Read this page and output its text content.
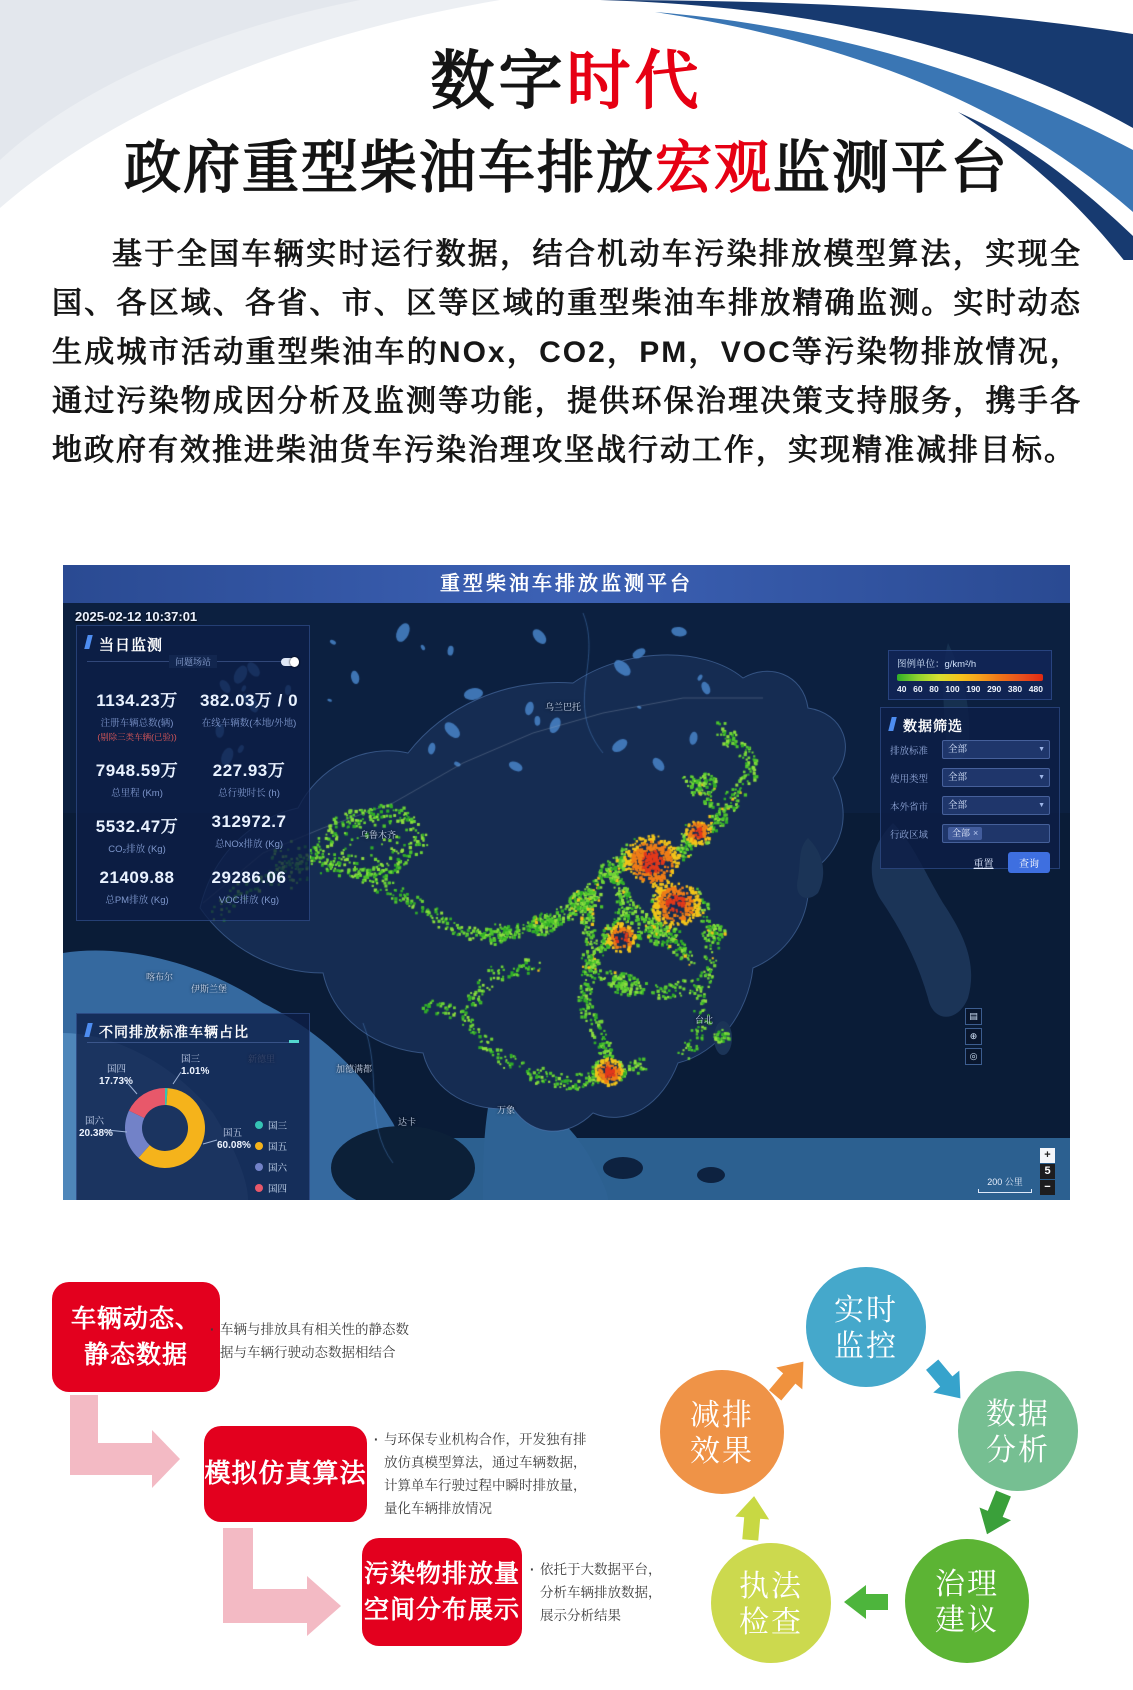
数字时代
政府重型柴油车排放宏观监测平台

基于全国车辆实时运行数据，结合机动车污染排放模型算法，实现全国、各区域、各省、市、区等区域的重型柴油车排放精确监测。实时动态生成城市活动重型柴油车的NOx，CO2，PM，VOC等污染物排放情况，通过污染物成因分析及监测等功能，提供环保治理决策支持服务，携手各地政府有效推进柴油货车污染治理攻坚战行动工作，实现精准减排目标。

重型柴油车排放监测平台
乌兰巴托
乌鲁木齐
喀布尔
伊斯兰堡
加德满都
达卡
万象
台北
2025-02-12 10:37:01
当日监测
问题场站
1134.23万
注册车辆总数(辆)
(剔除三类车辆(已验))
382.03万 / 0
在线车辆数(本地/外地)
7948.59万
总里程 (Km)
227.93万
总行驶时长 (h)
5532.47万
CO₂排放 (Kg)
312972.7
总NOx排放 (Kg)
21409.88
总PM排放 (Kg)
29286.06
VOC排放 (Kg)
不同排放标准车辆占比
国四
17.73%
国三
1.01%
国六
20.38%	国五
60.08%
国三
国五
国六
国四
图例单位：g/km²/h
40 60 80 100 190 290 380 480
数据筛选
排放标准	全部	▼
使用类型	全部	▼
本外省市	全部	▼
行政区域	全部 ×
重置	查询
▤
⊕
◎
+
5
−
200 公里
车辆动态、静态数据
· 车辆与排放具有相关性的静态数据与车辆行驶动态数据相结合
模拟仿真算法
· 与环保专业机构合作，开发独有排放仿真模型算法，通过车辆数据，计算单车行驶过程中瞬时排放量，量化车辆排放情况
污染物排放量空间分布展示
· 依托于大数据平台，分析车辆排放数据，展示分析结果
实时监控
数据分析
治理建议
执法检查
减排效果
